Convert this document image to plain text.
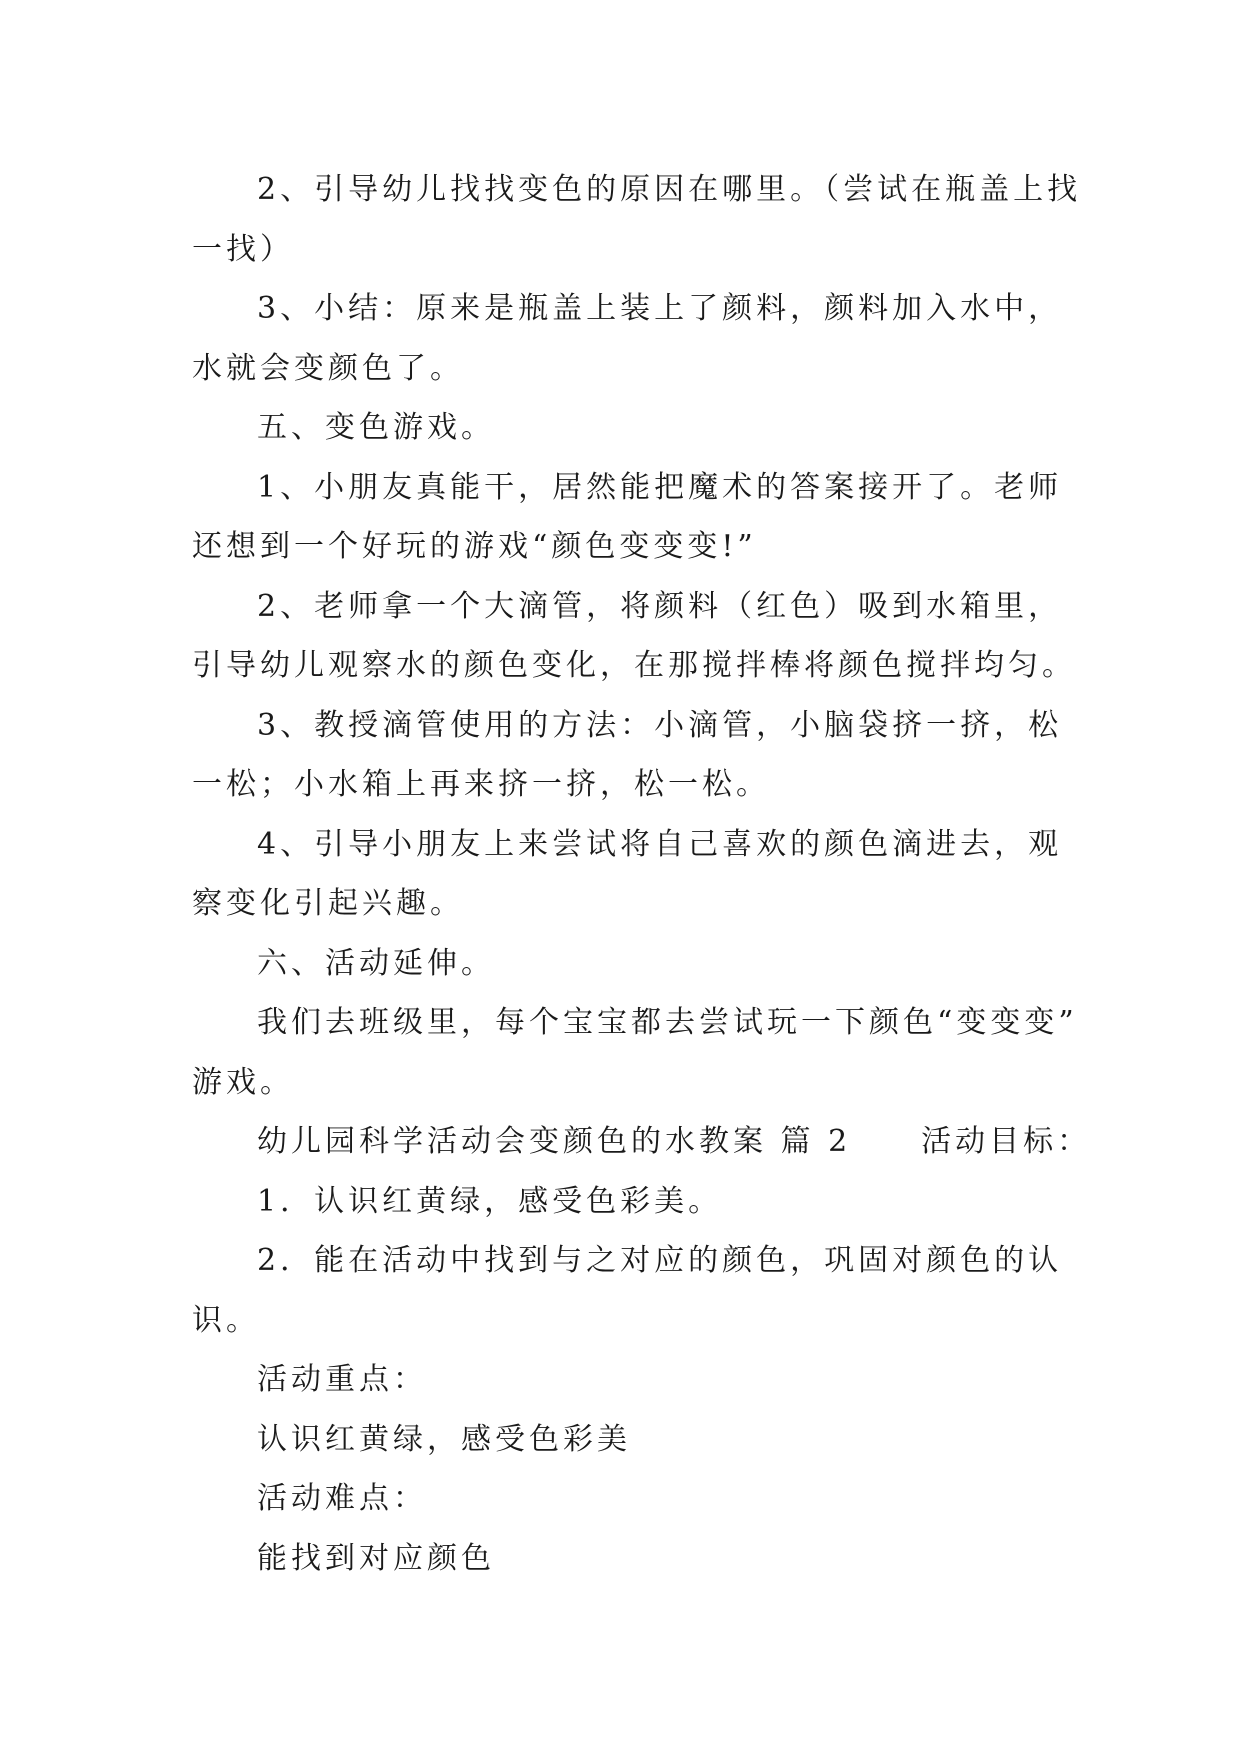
2、引导幼儿找找变色的原因在哪里。（尝试在瓶盖上找
一找）
3、小结：原来是瓶盖上装上了颜料，颜料加入水中，
水就会变颜色了。
五、变色游戏。
1、小朋友真能干，居然能把魔术的答案接开了。老师
还想到一个好玩的游戏“颜色变变变!”
2、老师拿一个大滴管，将颜料（红色）吸到水箱里，
引导幼儿观察水的颜色变化，在那搅拌棒将颜色搅拌均匀。
3、教授滴管使用的方法：小滴管，小脑袋挤一挤，松
一松；小水箱上再来挤一挤，松一松。
4、引导小朋友上来尝试将自己喜欢的颜色滴进去，观
察变化引起兴趣。
六、活动延伸。
我们去班级里，每个宝宝都去尝试玩一下颜色“变变变”
游戏。
幼儿园科学活动会变颜色的水教案 篇 2 活动目标：
1．认识红黄绿，感受色彩美。
2．能在活动中找到与之对应的颜色，巩固对颜色的认
识。
活动重点：
认识红黄绿，感受色彩美
活动难点：
能找到对应颜色
